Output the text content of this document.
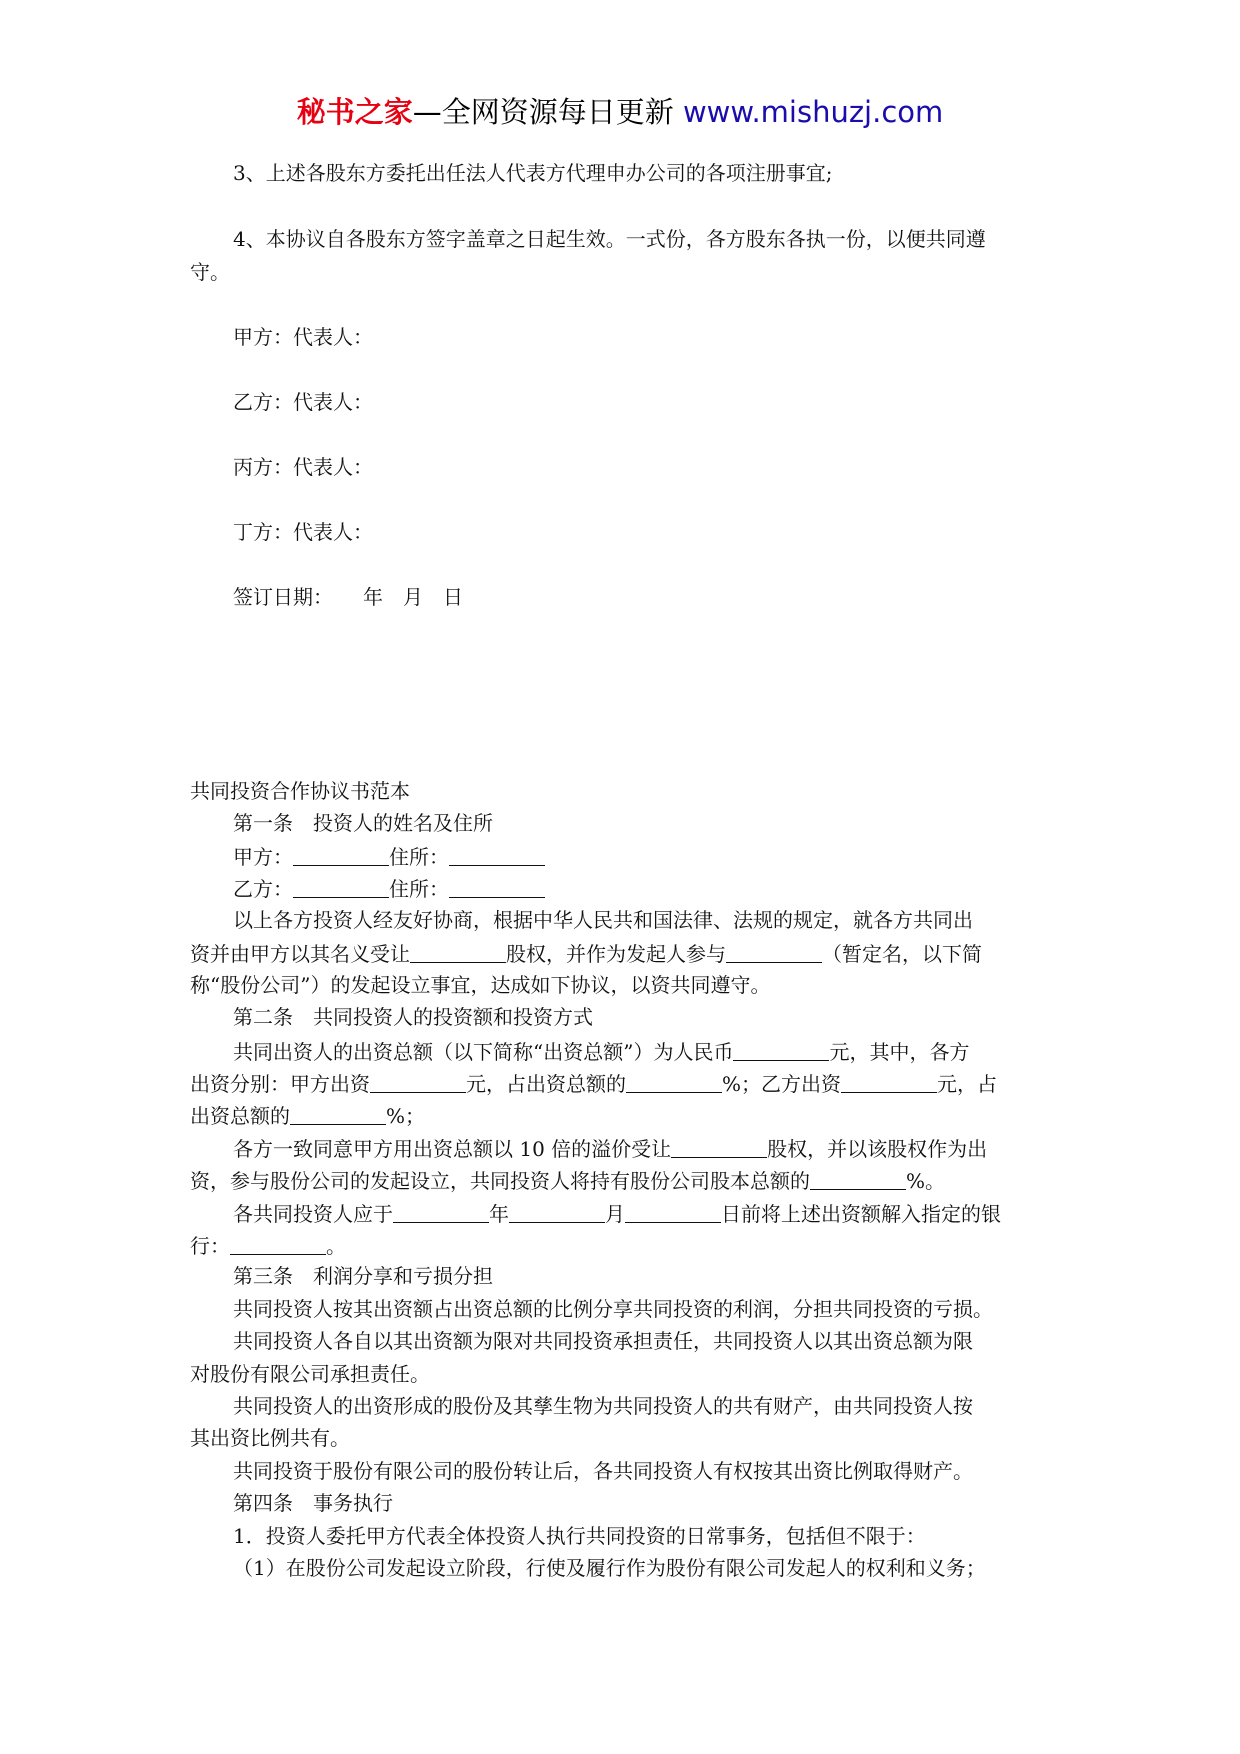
秘书之家—全网资源每日更新 www.mishuzj.com
3、上述各股东方委托出任法人代表方代理申办公司的各项注册事宜;
4、本协议自各股东方签字盖章之日起生效。一式份，各方股东各执一份，以便共同遵
守。
甲方：代表人：
乙方：代表人：
丙方：代表人：
丁方：代表人：
签订日期：　　年　月　日
共同投资合作协议书范本
第一条　投资人的姓名及住所
甲方：	住所：
乙方：	住所：
以上各方投资人经友好协商，根据中华人民共和国法律、法规的规定，就各方共同出
资并由甲方以其名义受让	股权，并作为发起人参与	（暂定名，以下简
称“股份公司”）的发起设立事宜，达成如下协议，以资共同遵守。
第二条　共同投资人的投资额和投资方式
共同出资人的出资总额（以下简称“出资总额”）为人民币	元，其中，各方
出资分别：甲方出资	元，占出资总额的	%；乙方出资	元，占
出资总额的	%；
各方一致同意甲方用出资总额以 10 倍的溢价受让	股权，并以该股权作为出
资，参与股份公司的发起设立，共同投资人将持有股份公司股本总额的	%。
各共同投资人应于	年	月	日前将上述出资额解入指定的银
行：	。
第三条　利润分享和亏损分担
共同投资人按其出资额占出资总额的比例分享共同投资的利润，分担共同投资的亏损。
共同投资人各自以其出资额为限对共同投资承担责任，共同投资人以其出资总额为限
对股份有限公司承担责任。
共同投资人的出资形成的股份及其孳生物为共同投资人的共有财产，由共同投资人按
其出资比例共有。
共同投资于股份有限公司的股份转让后，各共同投资人有权按其出资比例取得财产。
第四条　事务执行
1．投资人委托甲方代表全体投资人执行共同投资的日常事务，包括但不限于：
（1）在股份公司发起设立阶段，行使及履行作为股份有限公司发起人的权利和义务；
